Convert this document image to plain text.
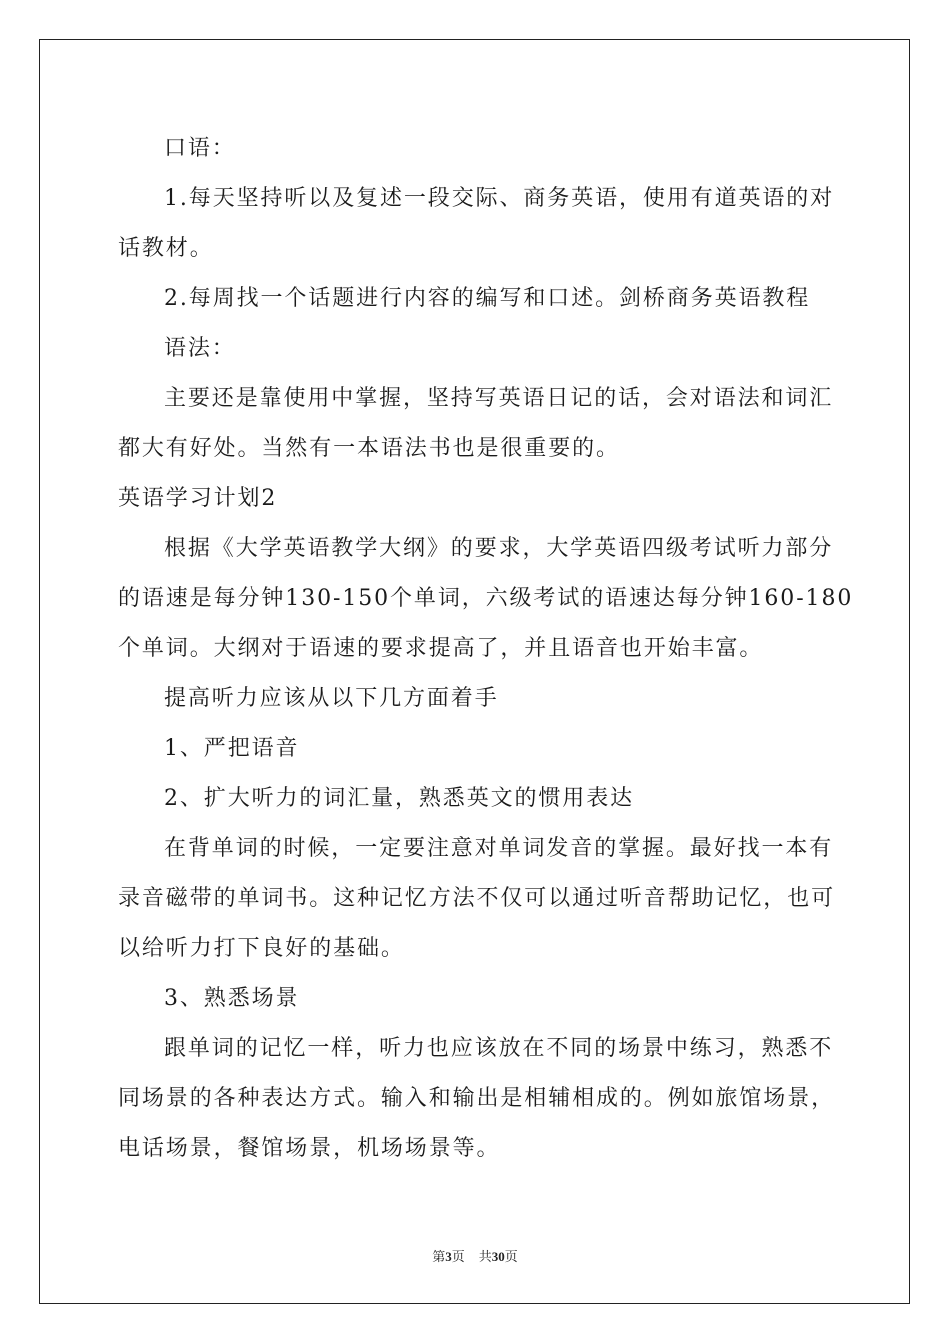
口语：
1.每天坚持听以及复述一段交际、商务英语，使用有道英语的对
话教材。
2.每周找一个话题进行内容的编写和口述。剑桥商务英语教程
语法：
主要还是靠使用中掌握，坚持写英语日记的话，会对语法和词汇
都大有好处。当然有一本语法书也是很重要的。
英语学习计划2
根据《大学英语教学大纲》的要求，大学英语四级考试听力部分
的语速是每分钟130-150个单词，六级考试的语速达每分钟160-180
个单词。大纲对于语速的要求提高了，并且语音也开始丰富。
提高听力应该从以下几方面着手
1、严把语音
2、扩大听力的词汇量，熟悉英文的惯用表达
在背单词的时候，一定要注意对单词发音的掌握。最好找一本有
录音磁带的单词书。这种记忆方法不仅可以通过听音帮助记忆，也可
以给听力打下良好的基础。
3、熟悉场景
跟单词的记忆一样，听力也应该放在不同的场景中练习，熟悉不
同场景的各种表达方式。输入和输出是相辅相成的。例如旅馆场景，
电话场景，餐馆场景，机场场景等。
第3页 共30页
